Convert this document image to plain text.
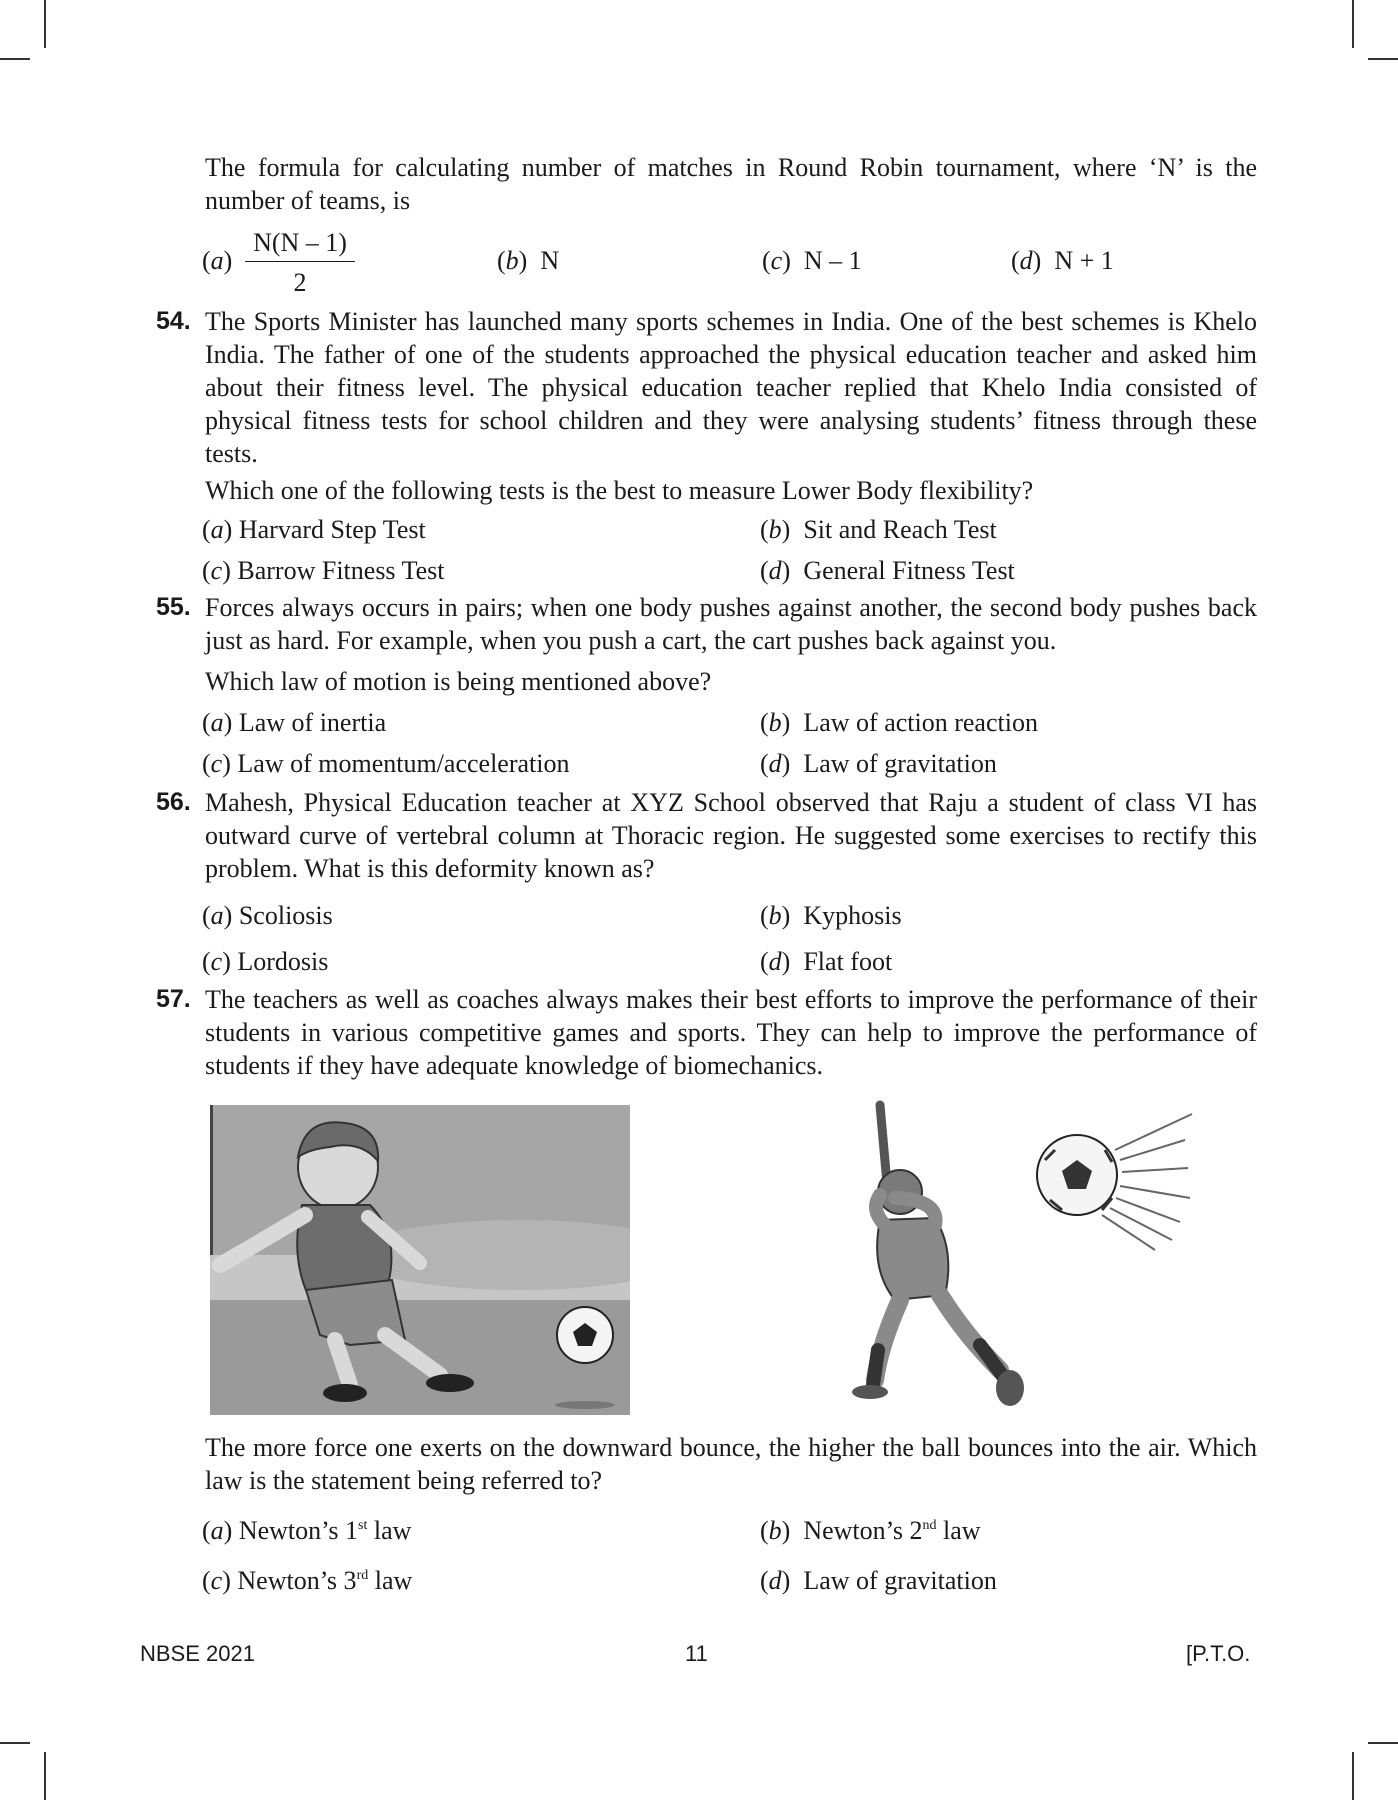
The formula for calculating number of matches in Round Robin tournament, where ‘N’ is the number of teams, is
$(a) \frac{N(N - 1)}{2}$	(b)  N	(c)  N – 1	(d)  N + 1
54. The Sports Minister has launched many sports schemes in India. One of the best schemes is Khelo India. The father of one of the students approached the physical education teacher and asked him about their fitness level. The physical education teacher replied that Khelo India consisted of physical fitness tests for school children and they were analysing students’ fitness through these tests.
Which one of the following tests is the best to measure Lower Body flexibility?
(a) Harvard Step Test	(b)  Sit and Reach Test
(c) Barrow Fitness Test	(d)  General Fitness Test
55. Forces always occurs in pairs; when one body pushes against another, the second body pushes back just as hard. For example, when you push a cart, the cart pushes back against you.
Which law of motion is being mentioned above?
(a) Law of inertia	(b)  Law of action reaction
(c) Law of momentum/acceleration	(d)  Law of gravitation
56. Mahesh, Physical Education teacher at XYZ School observed that Raju a student of class VI has outward curve of vertebral column at Thoracic region. He suggested some exercises to rectify this problem. What is this deformity known as?
(a) Scoliosis	(b)  Kyphosis
(c) Lordosis	(d)  Flat foot
57. The teachers as well as coaches always makes their best efforts to improve the performance of their students in various competitive games and sports. They can help to improve the performance of students if they have adequate knowledge of biomechanics.
The more force one exerts on the downward bounce, the higher the ball bounces into the air. Which law is the statement being referred to?
(a) Newton’s 1st law	(b)  Newton’s 2nd law
(c) Newton’s 3rd law	(d)  Law of gravitation
NBSE 2021	11	[P.T.O.
